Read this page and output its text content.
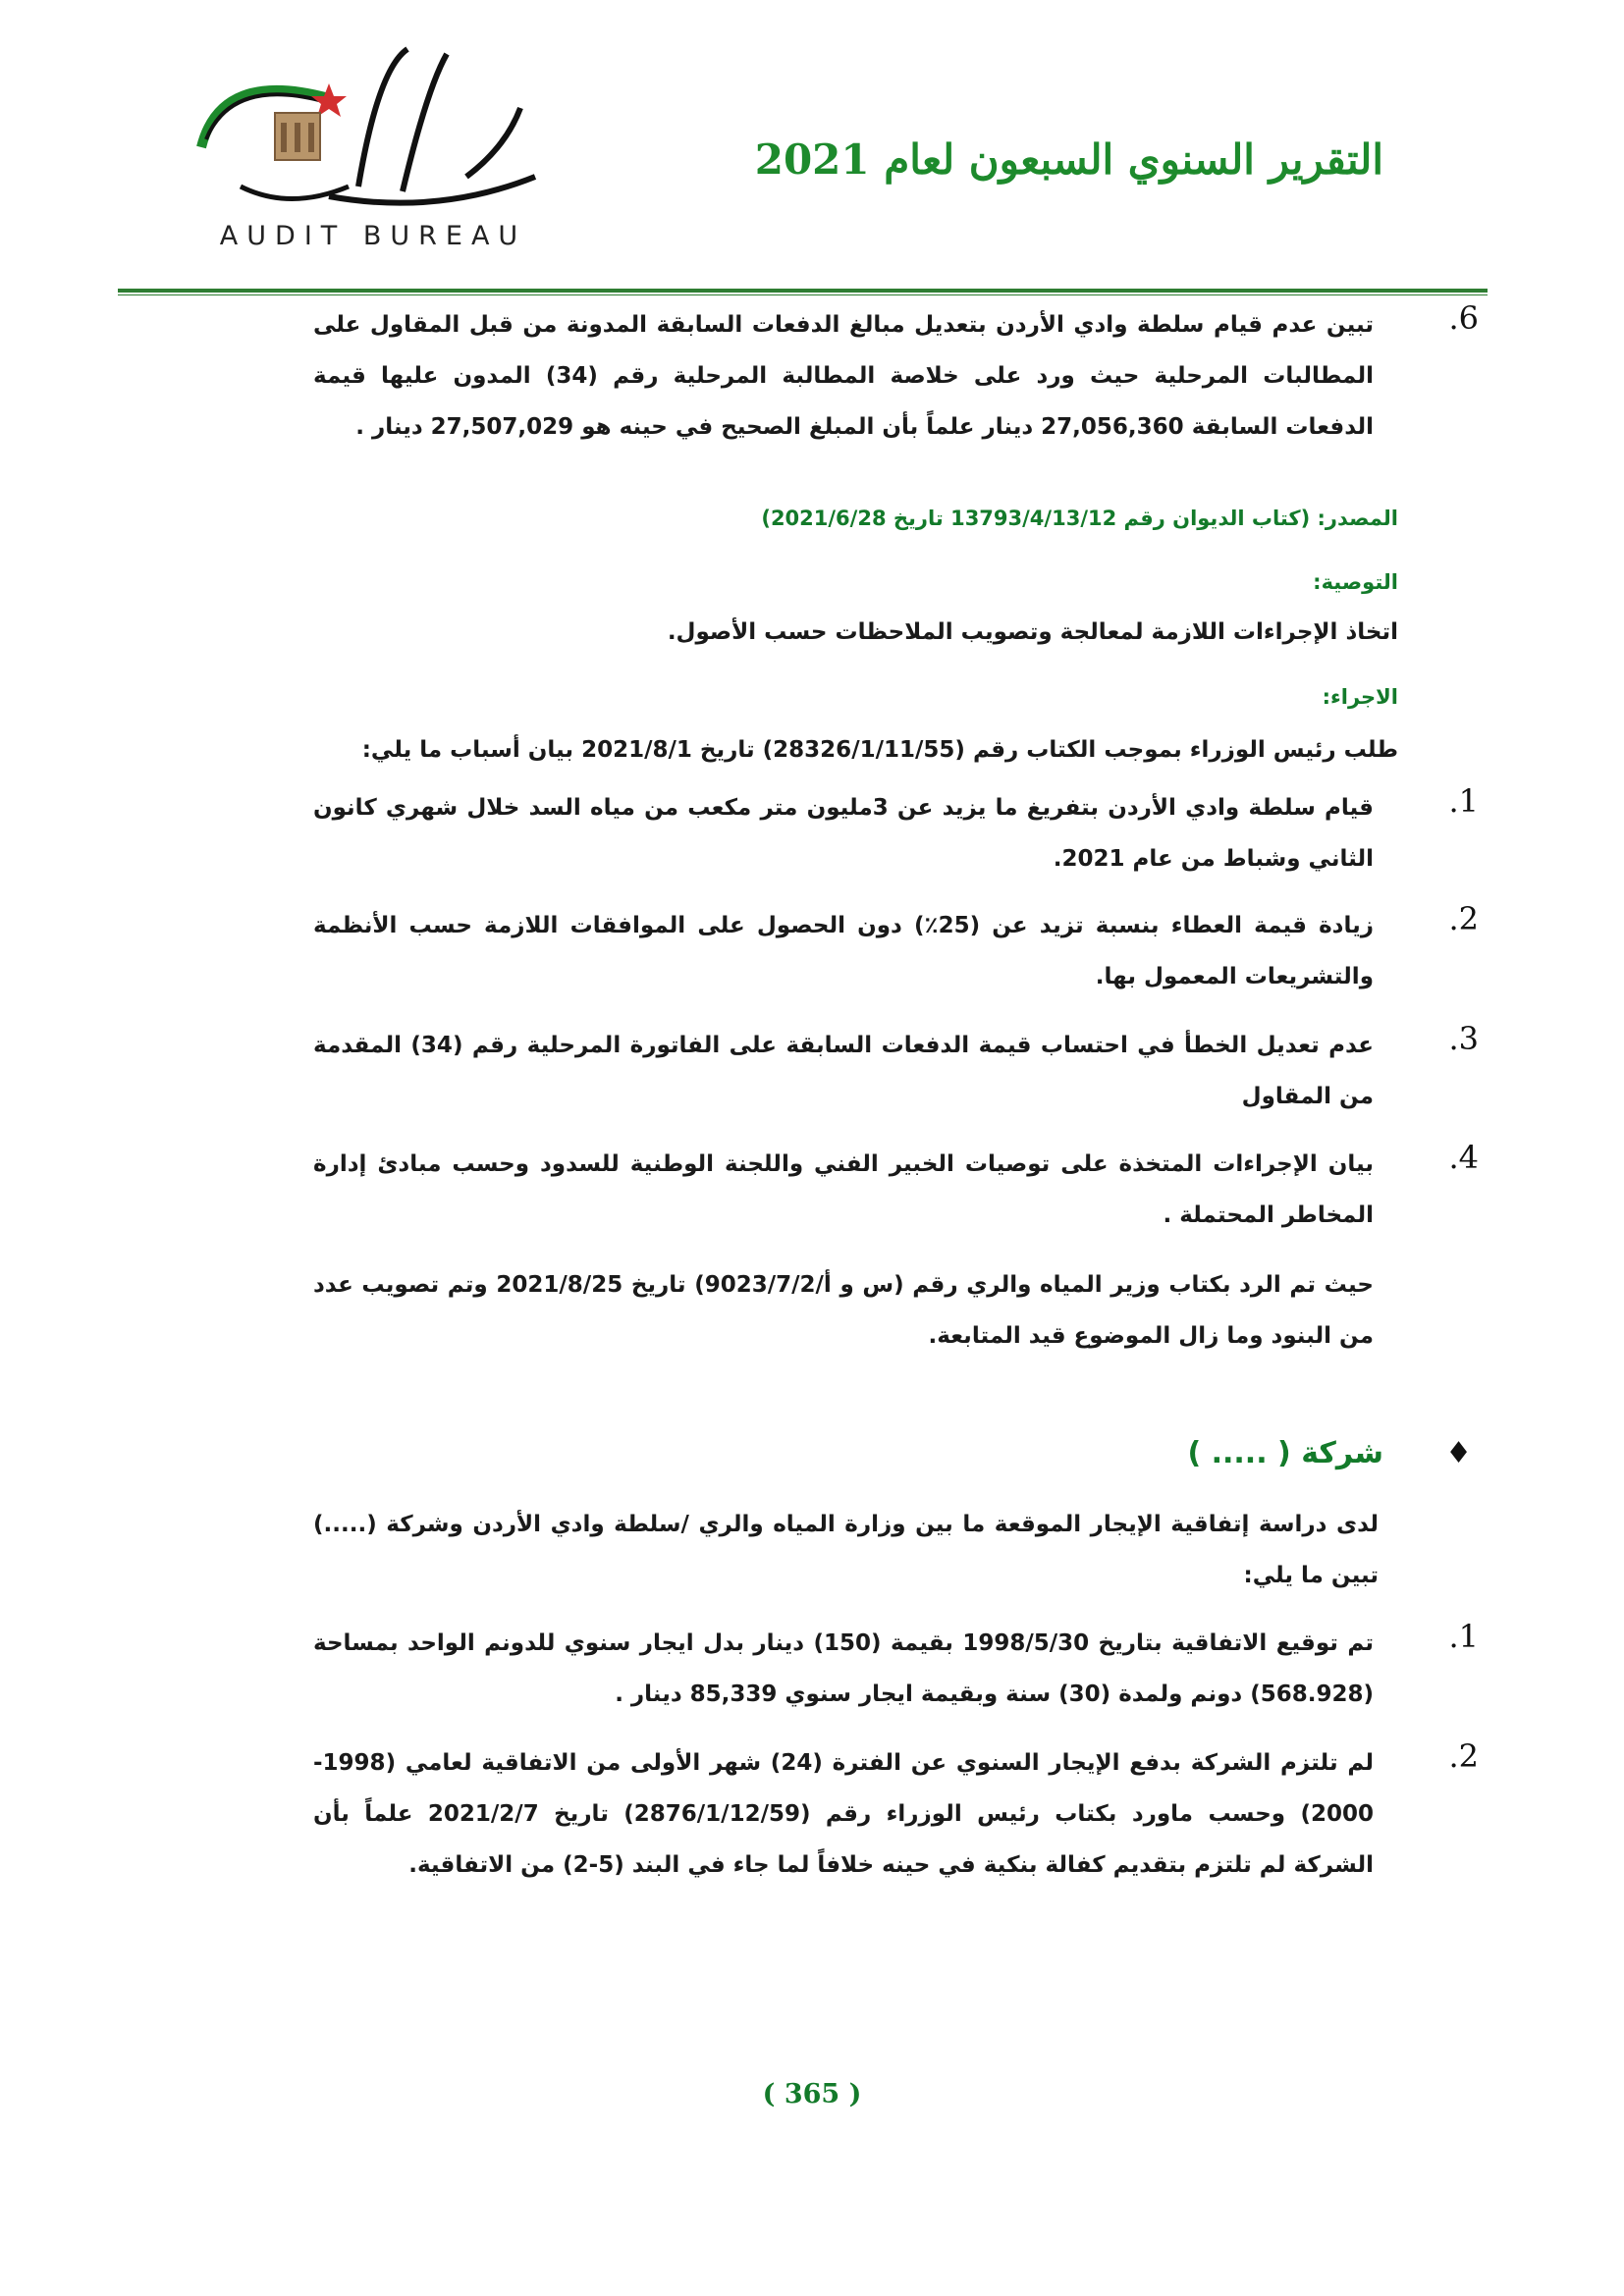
AUDIT BUREAU
التقرير السنوي السبعون لعام 2021
.6
تبين عدم قيام سلطة وادي الأردن بتعديل مبالغ الدفعات السابقة المدونة من قبل المقاول على المطالبات المرحلية حيث ورد على خلاصة المطالبة المرحلية رقم (34) المدون عليها قيمة الدفعات السابقة 27,056,360 دينار علماً بأن المبلغ الصحيح في حينه هو 27,507,029 دينار .
المصدر: (كتاب الديوان رقم 13793/4/13/12 تاريخ 2021/6/28)
التوصية:
اتخاذ الإجراءات اللازمة لمعالجة وتصويب الملاحظات حسب الأصول.
الاجراء:
طلب رئيس الوزراء بموجب الكتاب رقم (28326/1/11/55) تاريخ 2021/8/1 بيان أسباب ما يلي:
.1
قيام سلطة وادي الأردن بتفريغ ما يزيد عن 3مليون متر مكعب من مياه السد خلال شهري كانون الثاني وشباط من عام 2021.
.2
زيادة قيمة العطاء بنسبة تزيد عن (25٪) دون الحصول على الموافقات اللازمة حسب الأنظمة والتشريعات المعمول بها.
.3
عدم تعديل الخطأ في احتساب قيمة الدفعات السابقة على الفاتورة المرحلية رقم (34) المقدمة من المقاول
.4
بيان الإجراءات المتخذة على توصيات الخبير الفني واللجنة الوطنية للسدود وحسب مبادئ إدارة المخاطر المحتملة .
حيث تم الرد بكتاب وزير المياه والري رقم (س و أ/9023/7/2) تاريخ 2021/8/25 وتم تصويب عدد من البنود وما زال الموضوع قيد المتابعة.
♦
شركة ( ..... )
لدى دراسة إتفاقية الإيجار الموقعة ما بين وزارة المياه والري /سلطة وادي الأردن وشركة (.....) تبين ما يلي:
.1
تم توقيع الاتفاقية بتاريخ 1998/5/30 بقيمة (150) دينار بدل ايجار سنوي للدونم الواحد بمساحة (568.928) دونم ولمدة (30) سنة وبقيمة ايجار سنوي 85,339 دينار .
.2
لم تلتزم الشركة بدفع الإيجار السنوي عن الفترة (24) شهر الأولى من الاتفاقية لعامي (1998-2000) وحسب ماورد بكتاب رئيس الوزراء رقم (2876/1/12/59) تاريخ 2021/2/7 علماً بأن الشركة لم تلتزم بتقديم كفالة بنكية في حينه خلافاً لما جاء في البند (5-2) من الاتفاقية.
( 365 )
